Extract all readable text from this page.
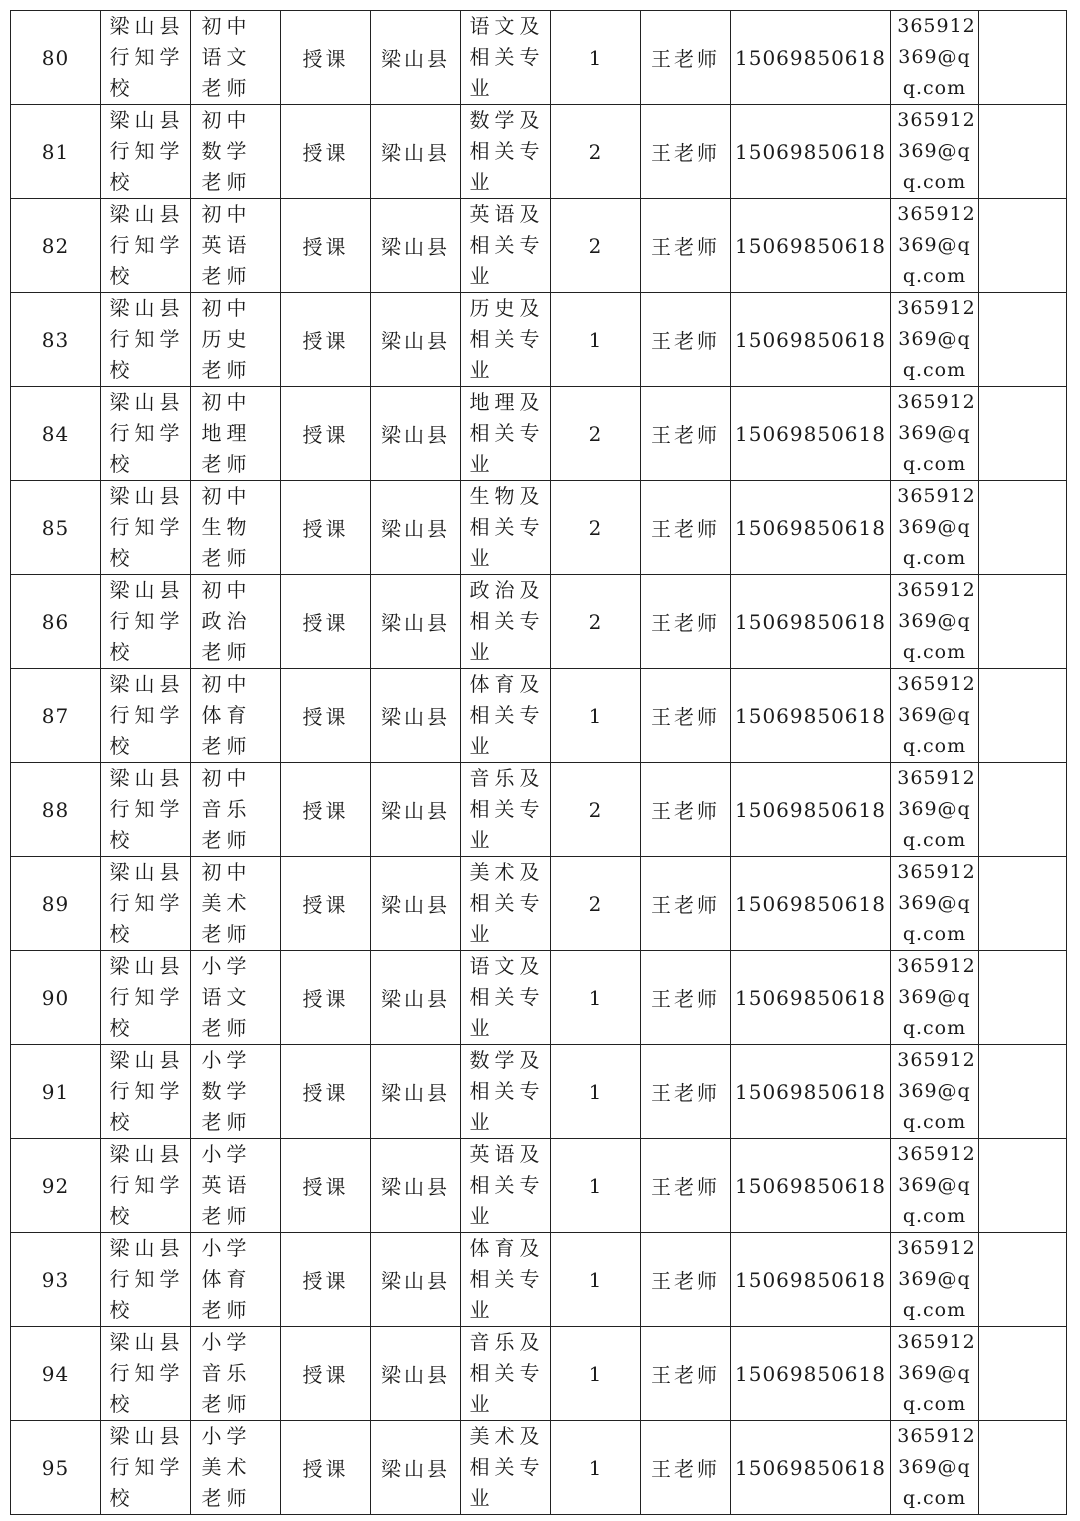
80	梁山县行知学校	初中语文老师	授课	梁山县	语文及相关专业	1	王老师	15069850618	365912369@qq.com	
81	梁山县行知学校	初中数学老师	授课	梁山县	数学及相关专业	2	王老师	15069850618	365912369@qq.com	
82	梁山县行知学校	初中英语老师	授课	梁山县	英语及相关专业	2	王老师	15069850618	365912369@qq.com	
83	梁山县行知学校	初中历史老师	授课	梁山县	历史及相关专业	1	王老师	15069850618	365912369@qq.com	
84	梁山县行知学校	初中地理老师	授课	梁山县	地理及相关专业	2	王老师	15069850618	365912369@qq.com	
85	梁山县行知学校	初中生物老师	授课	梁山县	生物及相关专业	2	王老师	15069850618	365912369@qq.com	
86	梁山县行知学校	初中政治老师	授课	梁山县	政治及相关专业	2	王老师	15069850618	365912369@qq.com	
87	梁山县行知学校	初中体育老师	授课	梁山县	体育及相关专业	1	王老师	15069850618	365912369@qq.com	
88	梁山县行知学校	初中音乐老师	授课	梁山县	音乐及相关专业	2	王老师	15069850618	365912369@qq.com	
89	梁山县行知学校	初中美术老师	授课	梁山县	美术及相关专业	2	王老师	15069850618	365912369@qq.com	
90	梁山县行知学校	小学语文老师	授课	梁山县	语文及相关专业	1	王老师	15069850618	365912369@qq.com	
91	梁山县行知学校	小学数学老师	授课	梁山县	数学及相关专业	1	王老师	15069850618	365912369@qq.com	
92	梁山县行知学校	小学英语老师	授课	梁山县	英语及相关专业	1	王老师	15069850618	365912369@qq.com	
93	梁山县行知学校	小学体育老师	授课	梁山县	体育及相关专业	1	王老师	15069850618	365912369@qq.com	
94	梁山县行知学校	小学音乐老师	授课	梁山县	音乐及相关专业	1	王老师	15069850618	365912369@qq.com	
95	梁山县行知学校	小学美术老师	授课	梁山县	美术及相关专业	1	王老师	15069850618	365912369@qq.com	
